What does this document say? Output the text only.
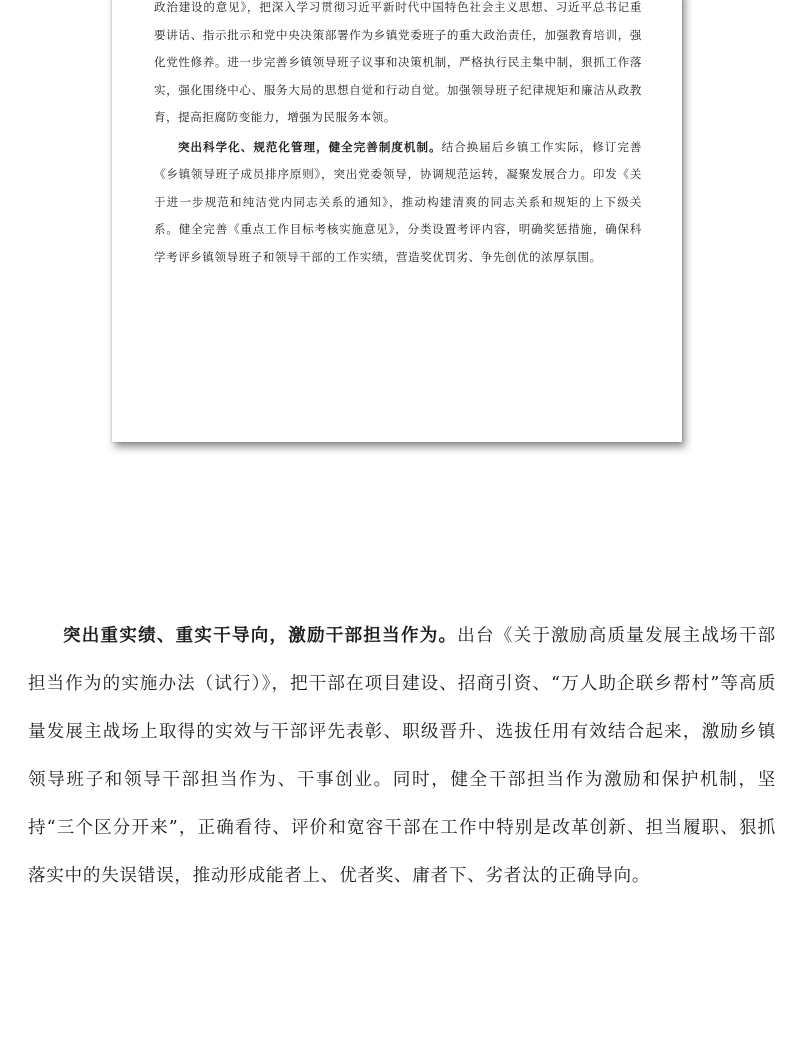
政治建设的意见》，把深入学习贯彻习近平新时代中国特色社会主义思想、习近平总书记重要讲话、指示批示和党中央决策部署作为乡镇党委班子的重大政治责任，加强教育培训，强化党性修养。进一步完善乡镇领导班子议事和决策机制，严格执行民主集中制，狠抓工作落实，强化围绕中心、服务大局的思想自觉和行动自觉。加强领导班子纪律规矩和廉洁从政教育，提高拒腐防变能力，增强为民服务本领。

突出科学化、规范化管理，健全完善制度机制。结合换届后乡镇工作实际，修订完善《乡镇领导班子成员排序原则》，突出党委领导，协调规范运转，凝聚发展合力。印发《关于进一步规范和纯洁党内同志关系的通知》，推动构建清爽的同志关系和规矩的上下级关系。健全完善《重点工作目标考核实施意见》，分类设置考评内容，明确奖惩措施，确保科学考评乡镇领导班子和领导干部的工作实绩，营造奖优罚劣、争先创优的浓厚氛围。

突出重实绩、重实干导向，激励干部担当作为。出台《关于激励高质量发展主战场干部担当作为的实施办法（试行）》，把干部在项目建设、招商引资、“万人助企联乡帮村”等高质量发展主战场上取得的实效与干部评先表彰、职级晋升、选拔任用有效结合起来，激励乡镇领导班子和领导干部担当作为、干事创业。同时，健全干部担当作为激励和保护机制，坚持“三个区分开来”，正确看待、评价和宽容干部在工作中特别是改革创新、担当履职、狠抓落实中的失误错误，推动形成能者上、优者奖、庸者下、劣者汰的正确导向。
